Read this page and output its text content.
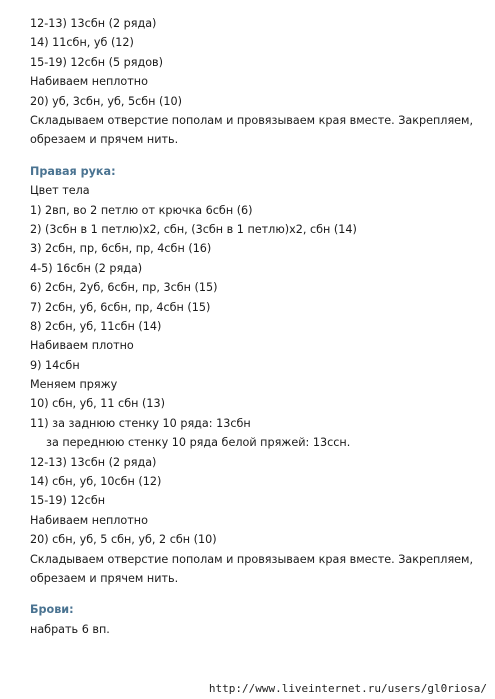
12-13) 13сбн (2 ряда)
14) 11сбн, уб (12)
15-19) 12сбн (5 рядов)
Набиваем неплотно
20) уб, 3сбн, уб, 5сбн (10)
Складываем отверстие пополам и провязываем края вместе. Закрепляем, обрезаем и прячем нить.
Правая рука:
Цвет тела
1) 2вп, во 2 петлю от крючка 6сбн (6)
2) (3сбн в 1 петлю)х2, сбн, (3сбн в 1 петлю)х2, сбн (14)
3) 2сбн, пр, 6сбн, пр, 4сбн (16)
4-5) 16сбн (2 ряда)
6) 2сбн, 2уб, 6сбн, пр, 3сбн (15)
7) 2сбн, уб, 6сбн, пр, 4сбн (15)
8) 2сбн, уб, 11сбн (14)
Набиваем плотно
9) 14сбн
Меняем пряжу
10) сбн, уб, 11 сбн (13)
11) за заднюю стенку 10 ряда: 13сбн
за переднюю стенку 10 ряда белой пряжей: 13ссн.
12-13) 13сбн (2 ряда)
14) сбн, уб, 10сбн (12)
15-19) 12сбн
Набиваем неплотно
20) сбн, уб, 5 сбн, уб, 2 сбн (10)
Складываем отверстие пополам и провязываем края вместе. Закрепляем, обрезаем и прячем нить.
Брови:
набрать 6 вп.
http://www.liveinternet.ru/users/gl0riosa/
